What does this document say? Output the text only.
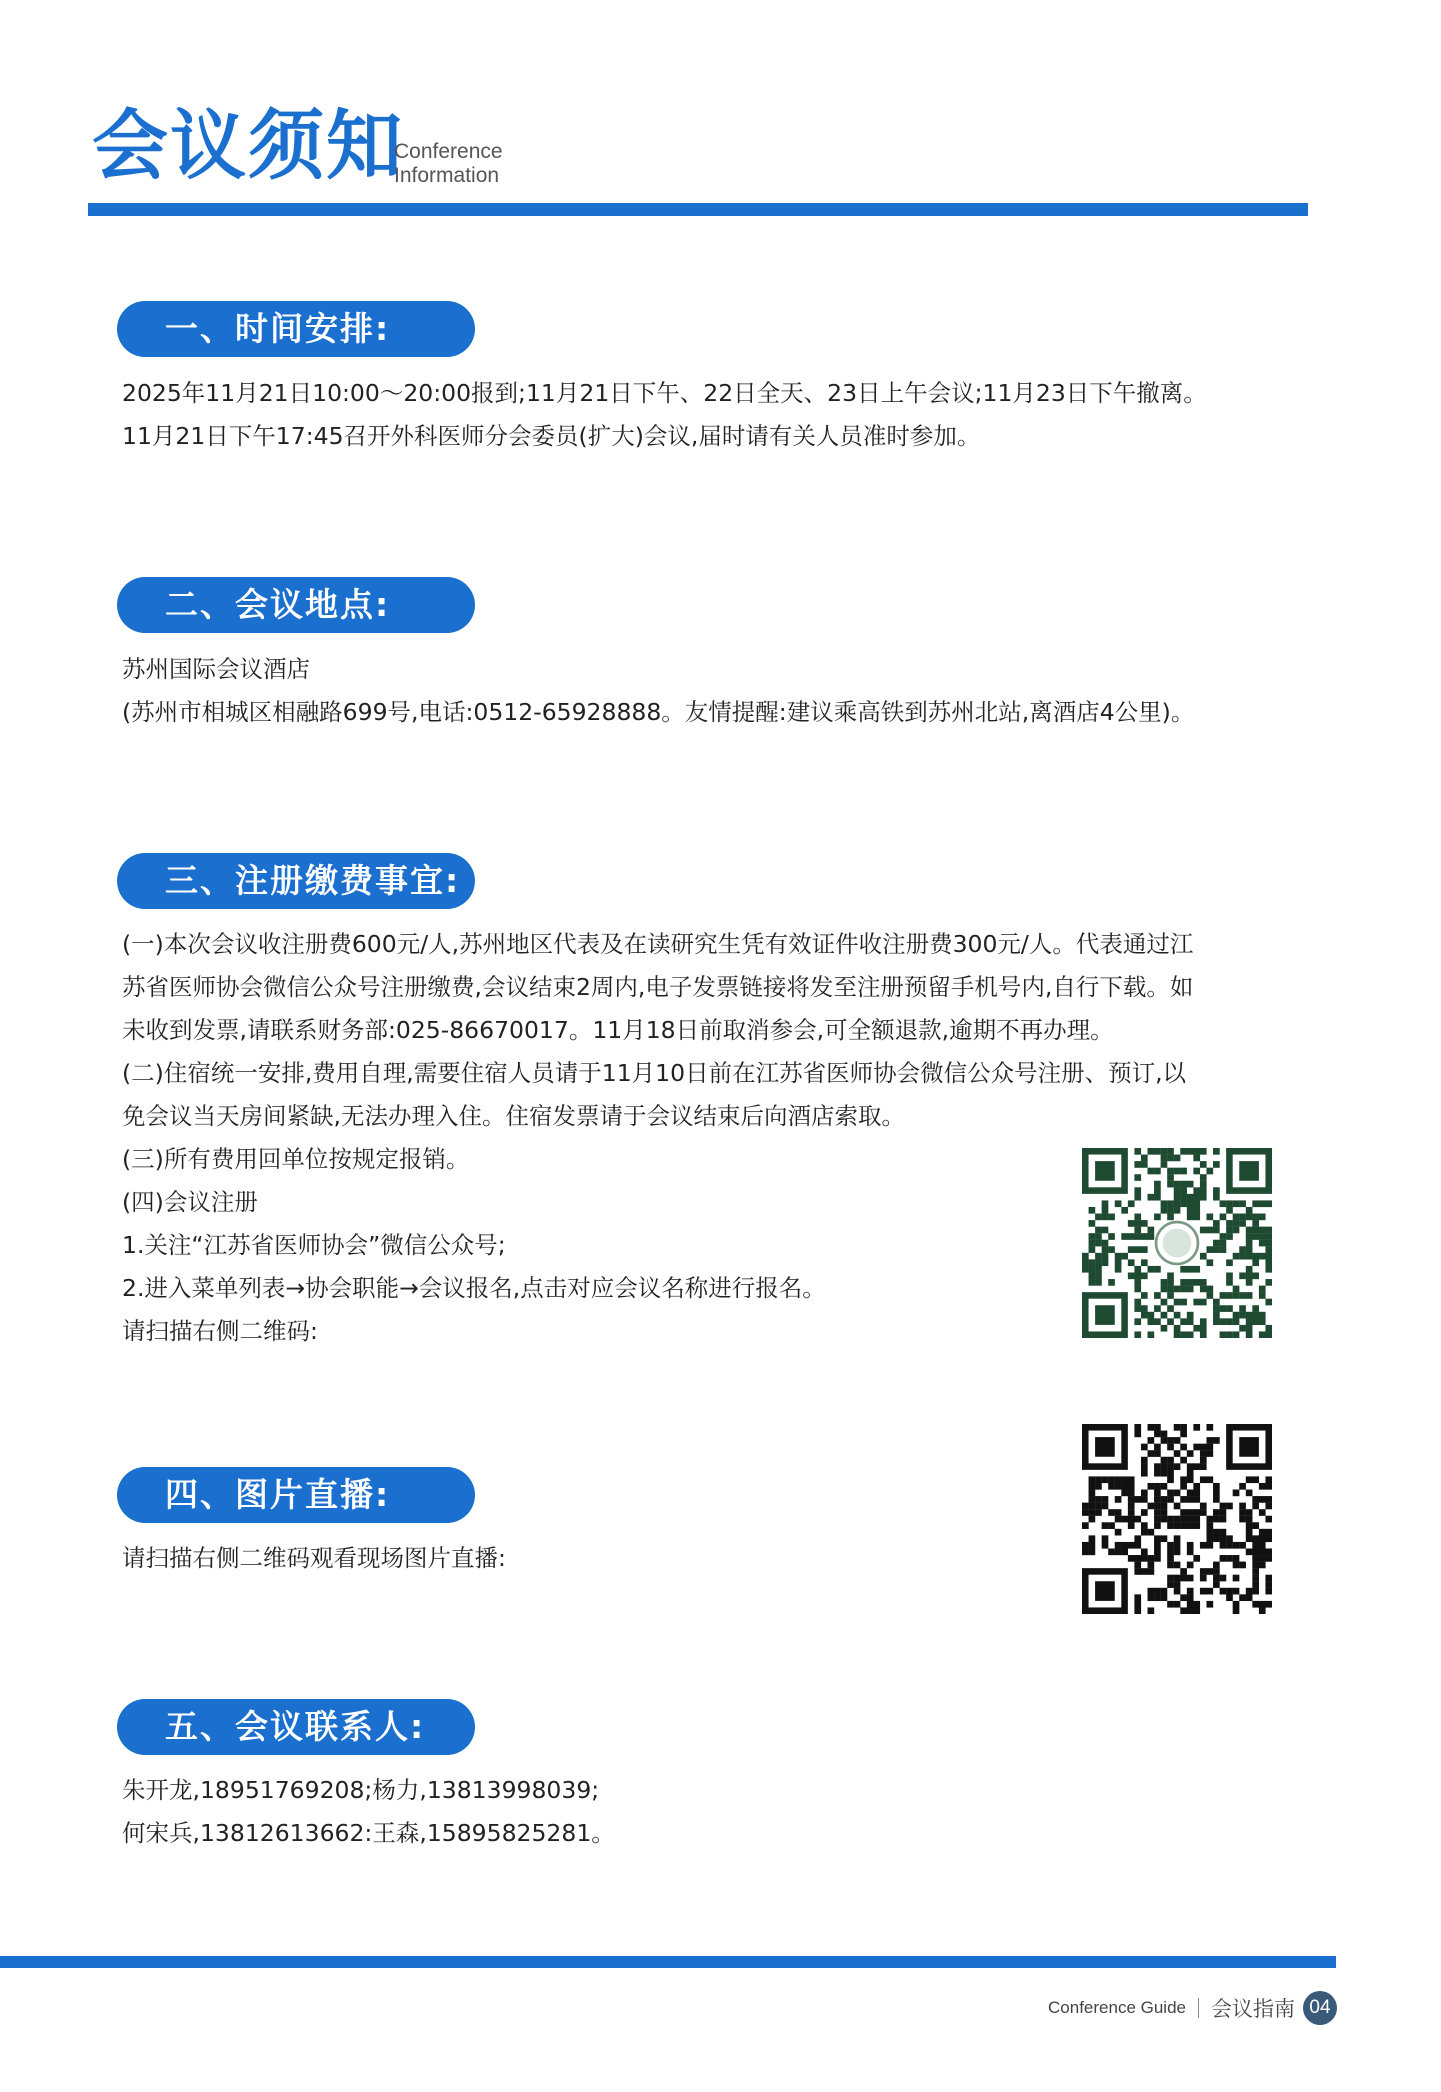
会议须知
Conference
Information
一、时间安排:
2025年11月21日10:00～20:00报到;11月21日下午、22日全天、23日上午会议;11月23日下午撤离。
11月21日下午17:45召开外科医师分会委员(扩大)会议,届时请有关人员准时参加。
二、会议地点:
苏州国际会议酒店
(苏州市相城区相融路699号,电话:0512-65928888。友情提醒:建议乘高铁到苏州北站,离酒店4公里)。
三、注册缴费事宜:
(一)本次会议收注册费600元/人,苏州地区代表及在读研究生凭有效证件收注册费300元/人。代表通过江
苏省医师协会微信公众号注册缴费,会议结束2周内,电子发票链接将发至注册预留手机号内,自行下载。如
未收到发票,请联系财务部:025-86670017。11月18日前取消参会,可全额退款,逾期不再办理。
(二)住宿统一安排,费用自理,需要住宿人员请于11月10日前在江苏省医师协会微信公众号注册、预订,以
免会议当天房间紧缺,无法办理入住。住宿发票请于会议结束后向酒店索取。
(三)所有费用回单位按规定报销。
(四)会议注册
1.关注“江苏省医师协会”微信公众号;
2.进入菜单列表→协会职能→会议报名,点击对应会议名称进行报名。
请扫描右侧二维码:
四、图片直播:
请扫描右侧二维码观看现场图片直播:
五、会议联系人:
朱开龙,18951769208;杨力,13813998039;
何宋兵,13812613662:王森,15895825281。
Conference Guide 会议指南 04
